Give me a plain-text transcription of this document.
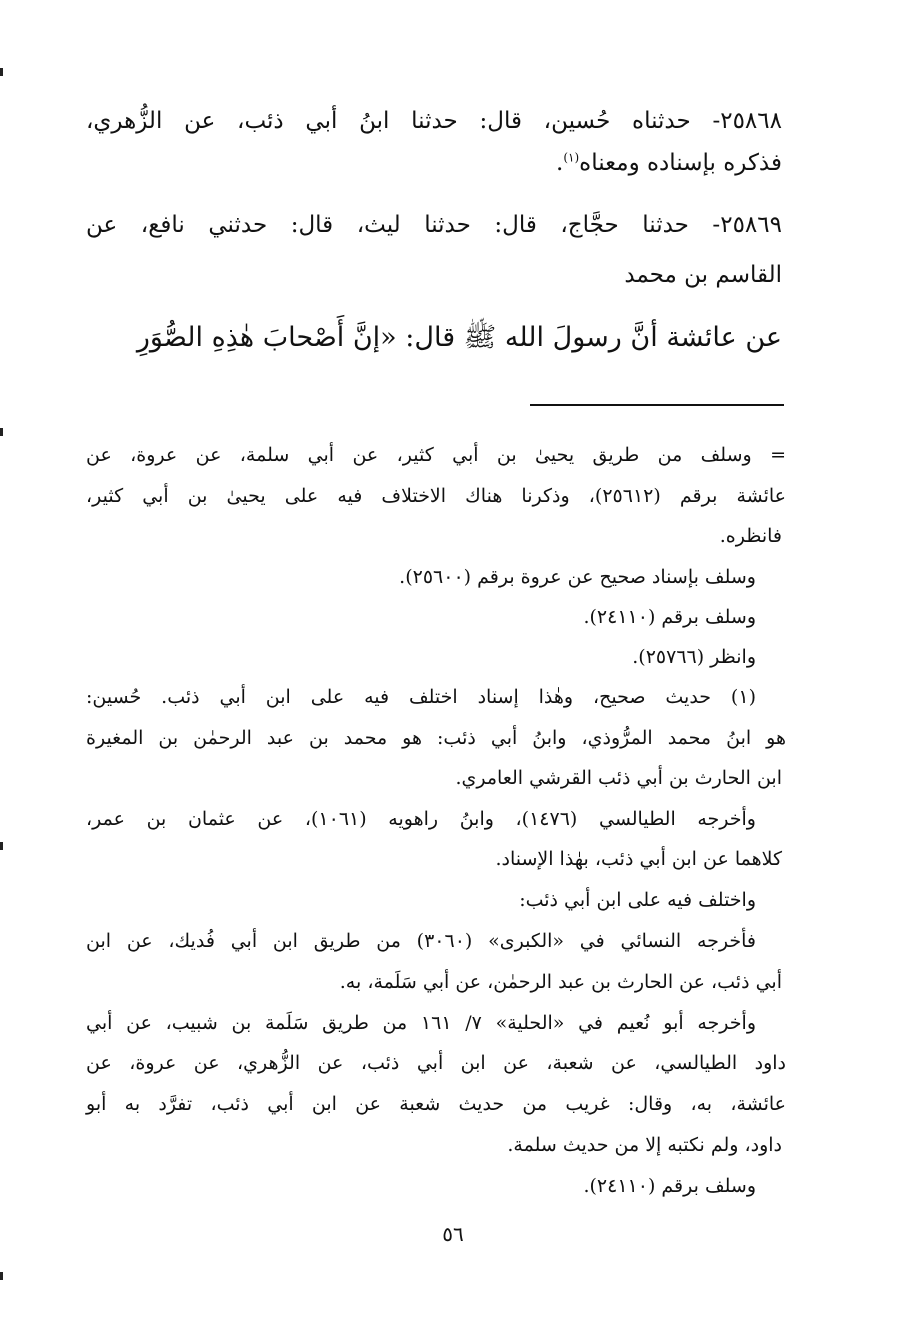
٢٥٨٦٨- حدثناه حُسين، قال: حدثنا ابنُ أبي ذئب، عن الزُّهري،
فذكره بإسناده ومعناه$^{(١)}$.
٢٥٨٦٩- حدثنا حجَّاج، قال: حدثنا ليث، قال: حدثني نافع، عن
القاسم بن محمد
عن عائشة أنَّ رسولَ الله ﷺ قال: «إنَّ أَصْحابَ هٰذِهِ الصُّوَرِ
= وسلف من طريق يحيىٰ بن أبي كثير، عن أبي سلمة، عن عروة، عن
عائشة برقم (٢٥٦١٢)، وذكرنا هناك الاختلاف فيه على يحيىٰ بن أبي كثير،
فانظره.
وسلف بإسناد صحيح عن عروة برقم (٢٥٦٠٠).
وسلف برقم (٢٤١١٠).
وانظر (٢٥٧٦٦).
(١) حديث صحيح، وهٰذا إسناد اختلف فيه على ابن أبي ذئب. حُسين:
هو ابنُ محمد المرُّوذي، وابنُ أبي ذئب: هو محمد بن عبد الرحمٰن بن المغيرة
ابن الحارث بن أبي ذئب القرشي العامري.
وأخرجه الطيالسي (١٤٧٦)، وابنُ راهويه (١٠٦١)، عن عثمان بن عمر،
كلاهما عن ابن أبي ذئب، بهٰذا الإسناد.
واختلف فيه على ابن أبي ذئب:
فأخرجه النسائي في «الكبرى» (٣٠٦٠) من طريق ابن أبي فُديك، عن ابن
أبي ذئب، عن الحارث بن عبد الرحمٰن، عن أبي سَلَمة، به.
وأخرجه أبو نُعيم في «الحلية» ٧/ ١٦١ من طريق سَلَمة بن شبيب، عن أبي
داود الطيالسي، عن شعبة، عن ابن أبي ذئب، عن الزُّهري، عن عروة، عن
عائشة، به، وقال: غريب من حديث شعبة عن ابن أبي ذئب، تفرَّد به أبو
داود، ولم نكتبه إلا من حديث سلمة.
وسلف برقم (٢٤١١٠).
٥٦
